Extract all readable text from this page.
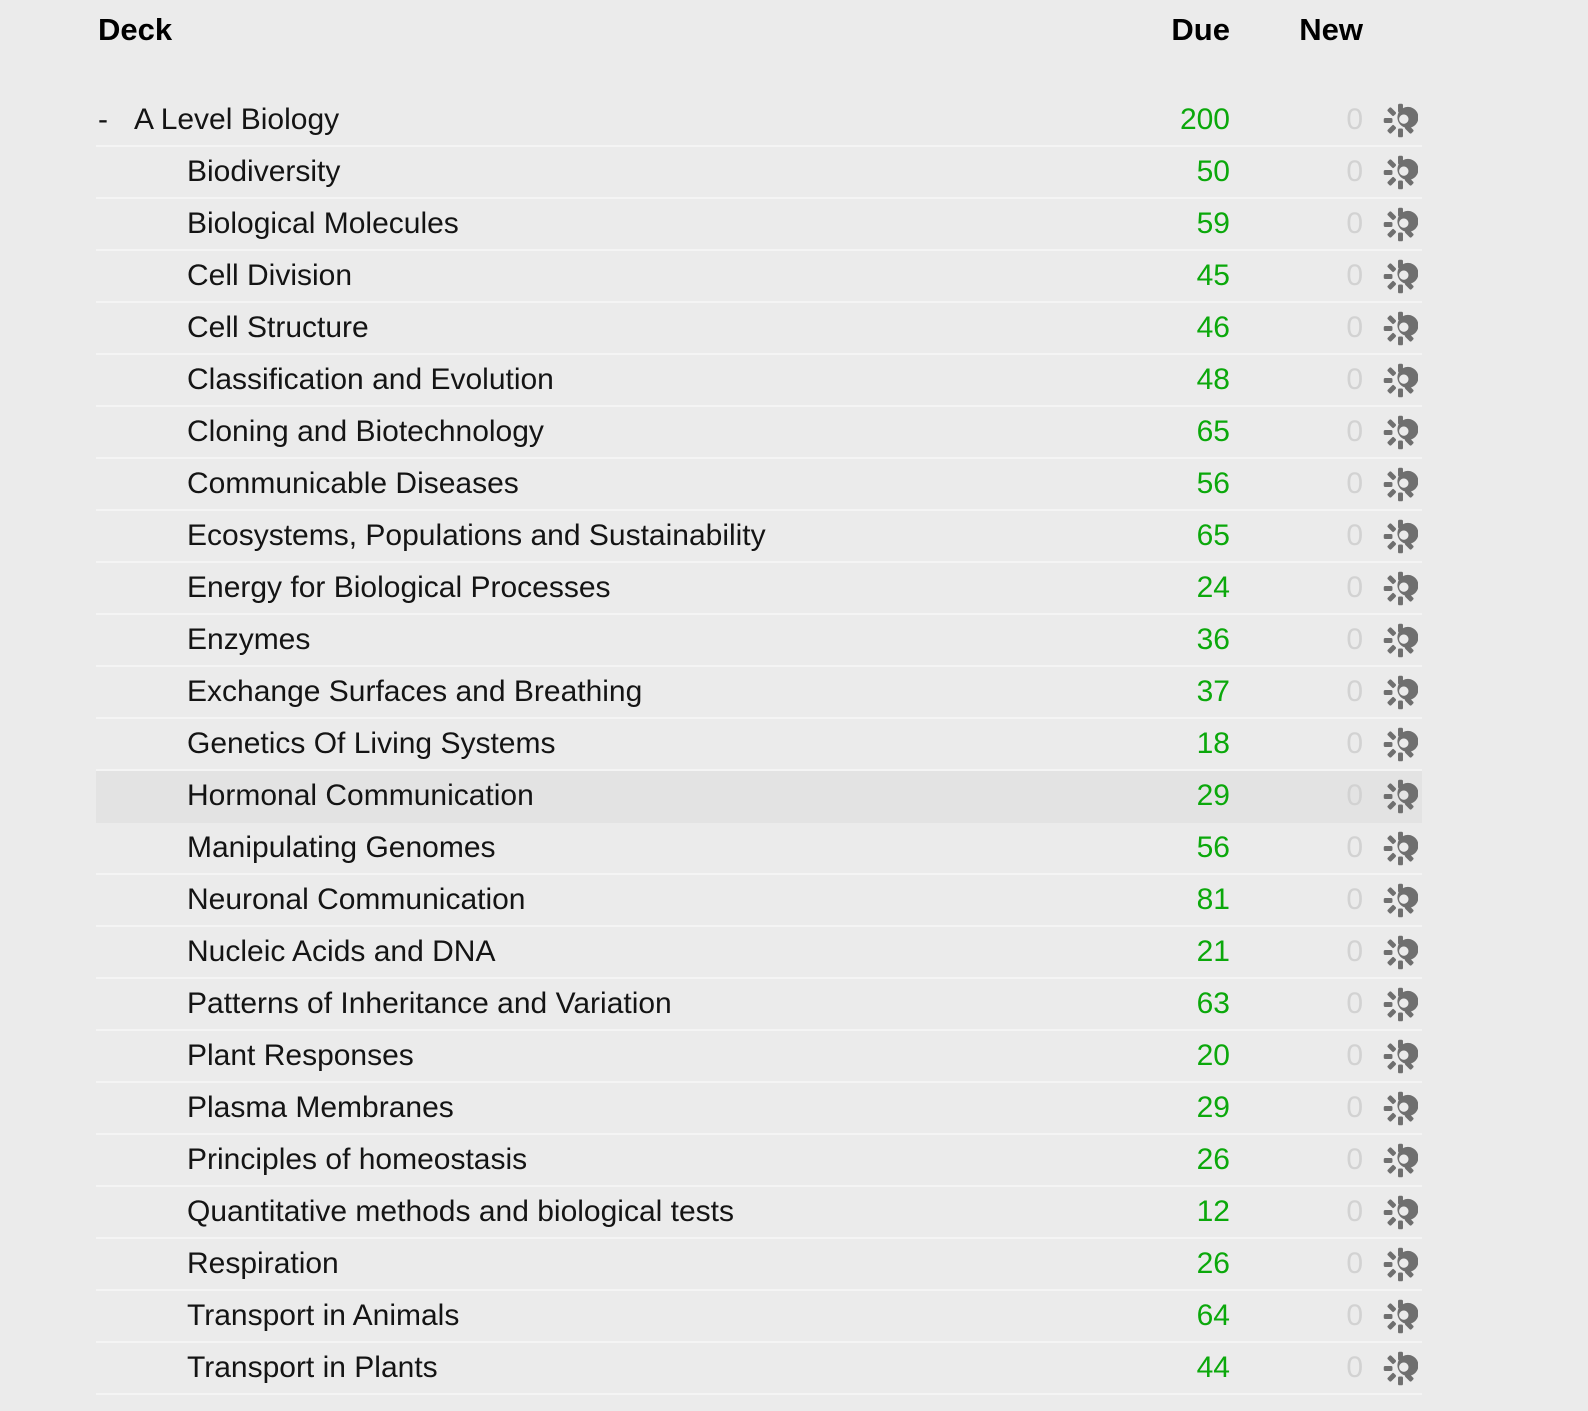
Deck	Due	New
- A Level Biology	200	0
Biodiversity	50	0
Biological Molecules	59	0
Cell Division	45	0
Cell Structure	46	0
Classification and Evolution	48	0
Cloning and Biotechnology	65	0
Communicable Diseases	56	0
Ecosystems, Populations and Sustainability	65	0
Energy for Biological Processes	24	0
Enzymes	36	0
Exchange Surfaces and Breathing	37	0
Genetics Of Living Systems	18	0
Hormonal Communication	29	0
Manipulating Genomes	56	0
Neuronal Communication	81	0
Nucleic Acids and DNA	21	0
Patterns of Inheritance and Variation	63	0
Plant Responses	20	0
Plasma Membranes	29	0
Principles of homeostasis	26	0
Quantitative methods and biological tests	12	0
Respiration	26	0
Transport in Animals	64	0
Transport in Plants	44	0
